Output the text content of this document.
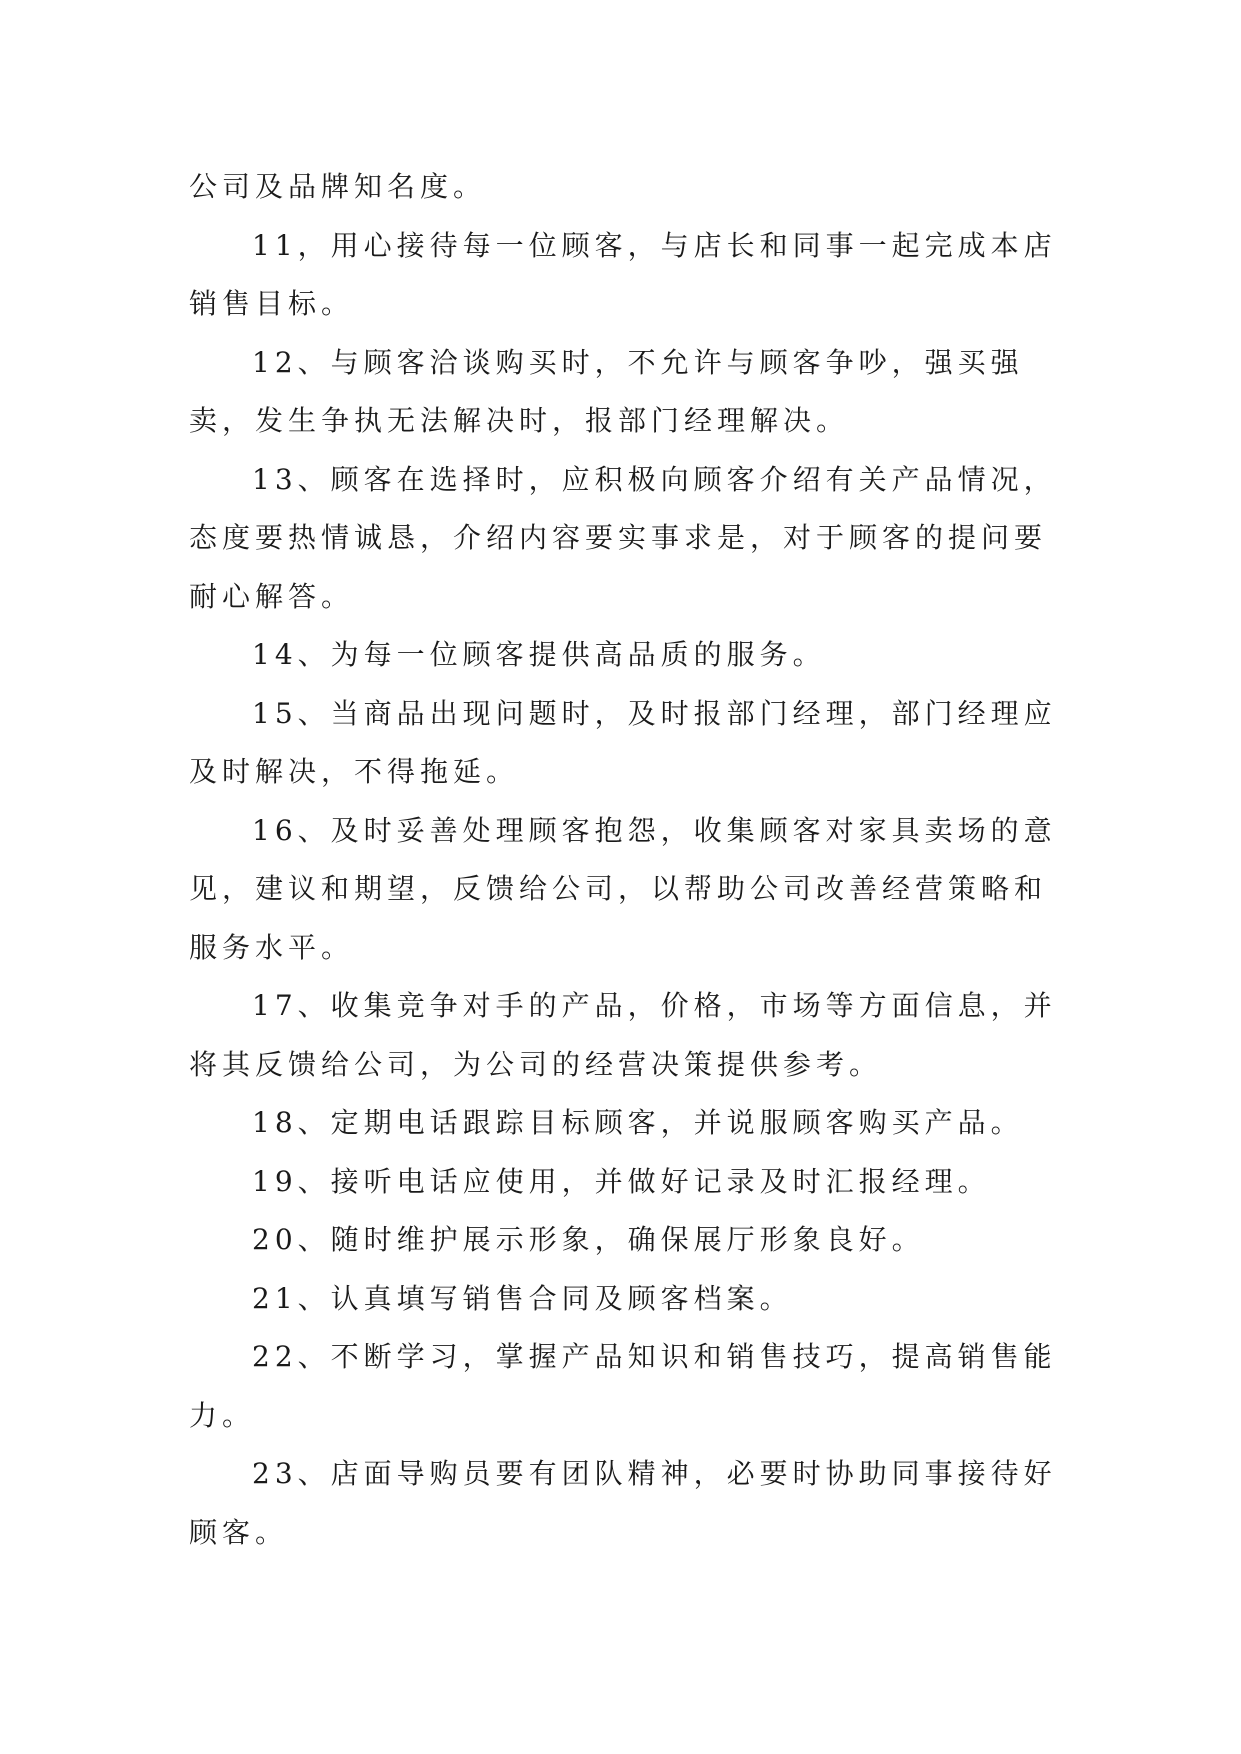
公司及品牌知名度。

11，用心接待每一位顾客，与店长和同事一起完成本店销售目标。

12、与顾客洽谈购买时，不允许与顾客争吵，强买强卖，发生争执无法解决时，报部门经理解决。

13、顾客在选择时，应积极向顾客介绍有关产品情况，态度要热情诚恳，介绍内容要实事求是，对于顾客的提问要耐心解答。

14、为每一位顾客提供高品质的服务。

15、当商品出现问题时，及时报部门经理，部门经理应及时解决，不得拖延。

16、及时妥善处理顾客抱怨，收集顾客对家具卖场的意见，建议和期望，反馈给公司，以帮助公司改善经营策略和服务水平。

17、收集竞争对手的产品，价格，市场等方面信息，并将其反馈给公司，为公司的经营决策提供参考。

18、定期电话跟踪目标顾客，并说服顾客购买产品。

19、接听电话应使用，并做好记录及时汇报经理。

20、随时维护展示形象，确保展厅形象良好。

21、认真填写销售合同及顾客档案。

22、不断学习，掌握产品知识和销售技巧，提高销售能力。

23、店面导购员要有团队精神，必要时协助同事接待好顾客。
